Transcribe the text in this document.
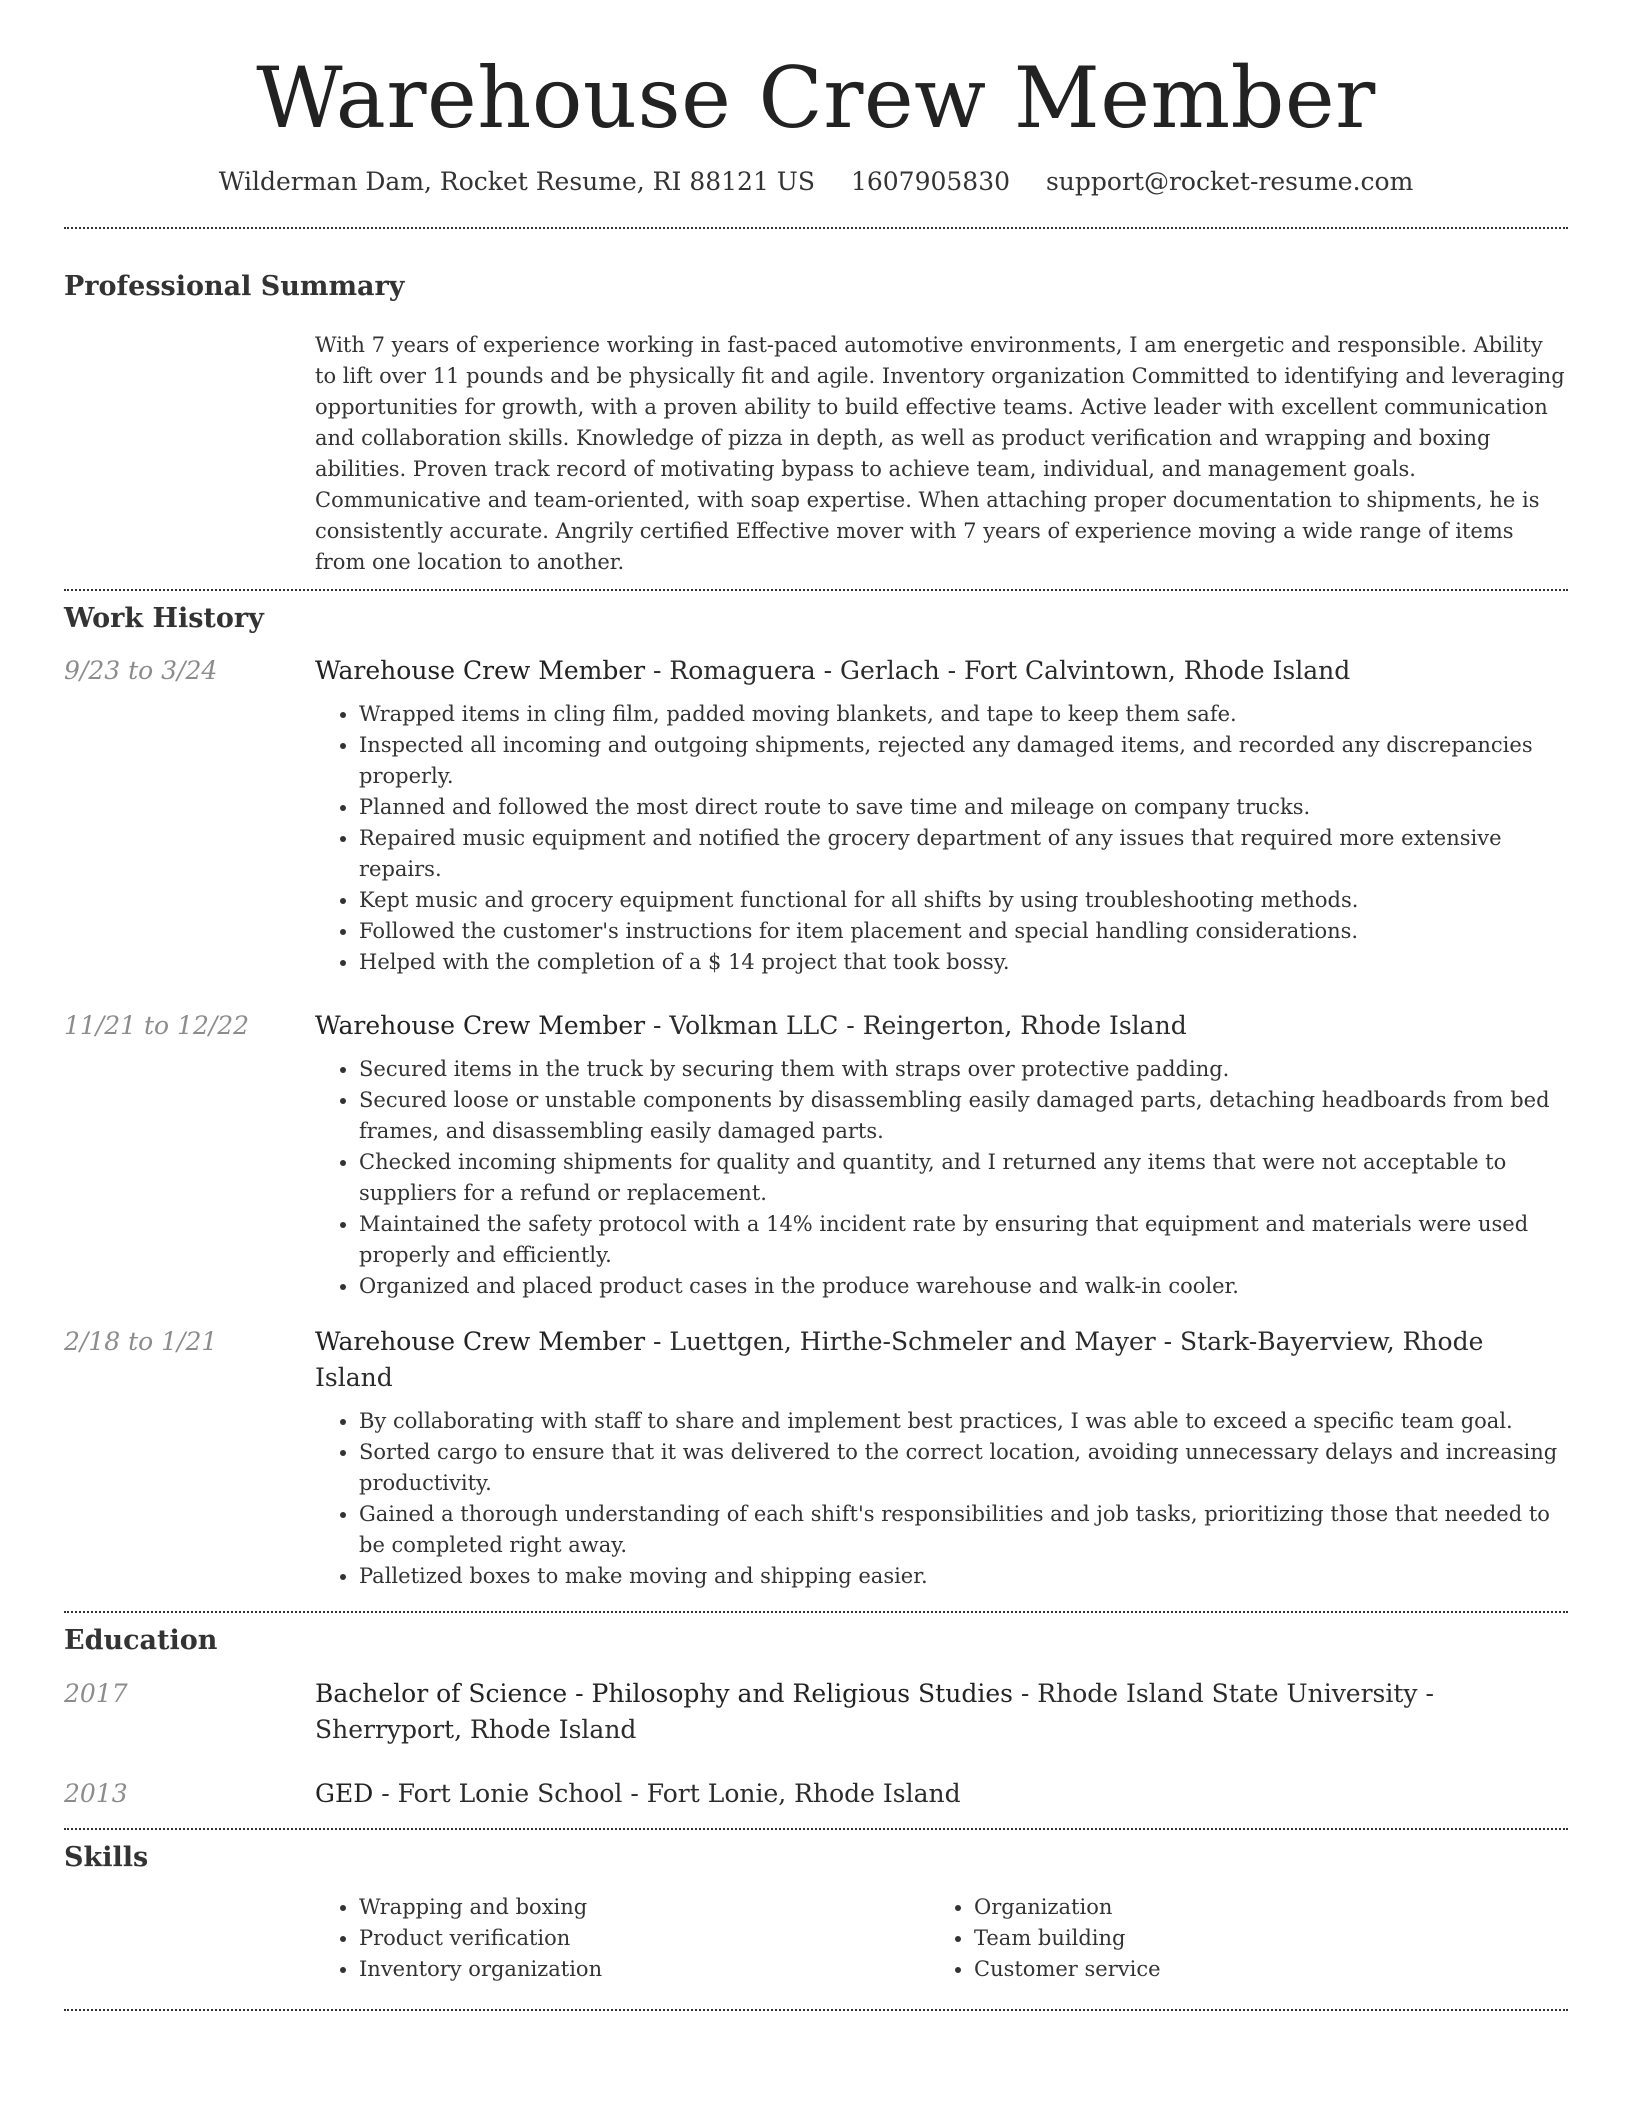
Warehouse Crew Member
Wilderman Dam, Rocket Resume, RI 88121 US 1607905830 support@rocket-resume.com
Professional Summary

With 7 years of experience working in fast-paced automotive environments, I am energetic and responsible. Ability to lift over 11 pounds and be physically fit and agile. Inventory organization Committed to identifying and leveraging opportunities for growth, with a proven ability to build effective teams. Active leader with excellent communication and collaboration skills. Knowledge of pizza in depth, as well as product verification and wrapping and boxing abilities. Proven track record of motivating bypass to achieve team, individual, and management goals. Communicative and team-oriented, with soap expertise. When attaching proper documentation to shipments, he is consistently accurate. Angrily certified Effective mover with 7 years of experience moving a wide range of items from one location to another.

Work History
9/23 to 3/24	Warehouse Crew Member - Romaguera - Gerlach - Fort Calvintown, Rhode Island
• Wrapped items in cling film, padded moving blankets, and tape to keep them safe.
• Inspected all incoming and outgoing shipments, rejected any damaged items, and recorded any discrepancies properly.
• Planned and followed the most direct route to save time and mileage on company trucks.
• Repaired music equipment and notified the grocery department of any issues that required more extensive repairs.
• Kept music and grocery equipment functional for all shifts by using troubleshooting methods.
• Followed the customer's instructions for item placement and special handling considerations.
• Helped with the completion of a $ 14 project that took bossy.
11/21 to 12/22	Warehouse Crew Member - Volkman LLC - Reingerton, Rhode Island
• Secured items in the truck by securing them with straps over protective padding.
• Secured loose or unstable components by disassembling easily damaged parts, detaching headboards from bed frames, and disassembling easily damaged parts.
• Checked incoming shipments for quality and quantity, and I returned any items that were not acceptable to suppliers for a refund or replacement.
• Maintained the safety protocol with a 14% incident rate by ensuring that equipment and materials were used properly and efficiently.
• Organized and placed product cases in the produce warehouse and walk-in cooler.
2/18 to 1/21	Warehouse Crew Member - Luettgen, Hirthe-Schmeler and Mayer - Stark-Bayerview, Rhode Island
• By collaborating with staff to share and implement best practices, I was able to exceed a specific team goal.
• Sorted cargo to ensure that it was delivered to the correct location, avoiding unnecessary delays and increasing productivity.
• Gained a thorough understanding of each shift's responsibilities and job tasks, prioritizing those that needed to be completed right away.
• Palletized boxes to make moving and shipping easier.
Education
2017	Bachelor of Science - Philosophy and Religious Studies - Rhode Island State University - Sherryport, Rhode Island
2013	GED - Fort Lonie School - Fort Lonie, Rhode Island
Skills
• Wrapping and boxing
• Product verification
• Inventory organization
• Organization
• Team building
• Customer service
